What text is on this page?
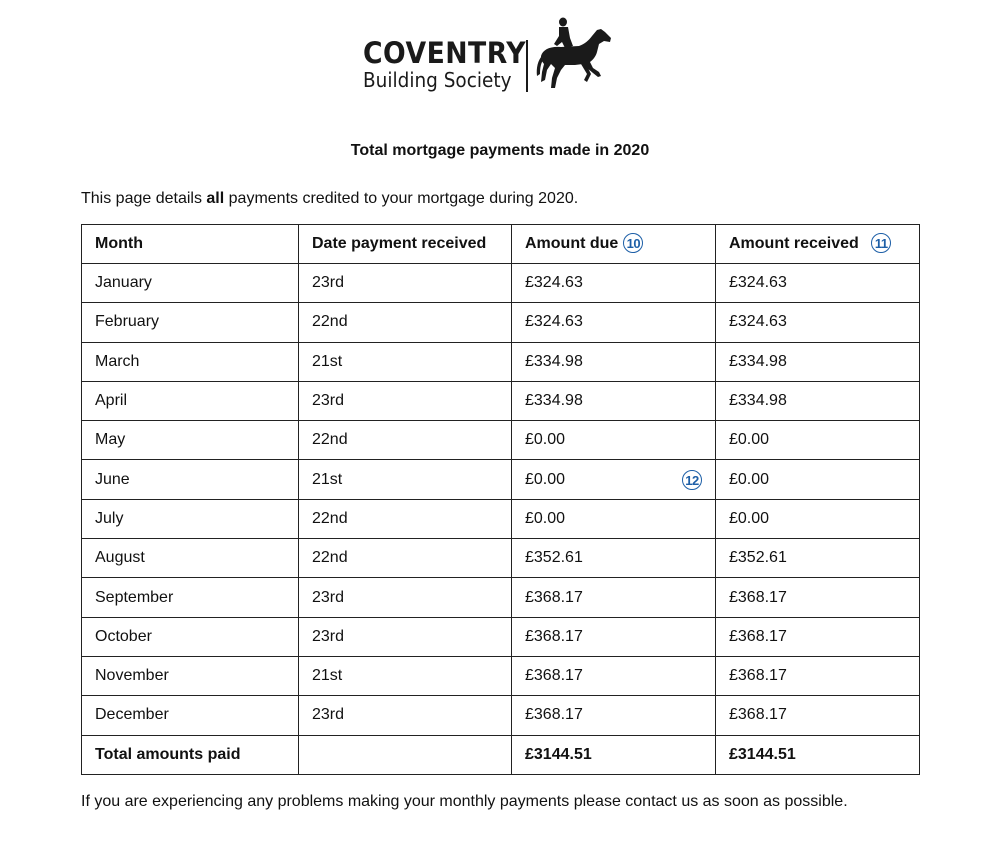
COVENTRY
Building Society
Total mortgage payments made in 2020
This page details all payments credited to your mortgage during 2020.
Month	Date payment received	Amount due 10	Amount received 11
January	23rd	£324.63	£324.63
February	22nd	£324.63	£324.63
March	21st	£334.98	£334.98
April	23rd	£334.98	£334.98
May	22nd	£0.00	£0.00
June	21st	£0.00 12	£0.00
July	22nd	£0.00	£0.00
August	22nd	£352.61	£352.61
September	23rd	£368.17	£368.17
October	23rd	£368.17	£368.17
November	21st	£368.17	£368.17
December	23rd	£368.17	£368.17
Total amounts paid		£3144.51	£3144.51
If you are experiencing any problems making your monthly payments please contact us as soon as possible.
